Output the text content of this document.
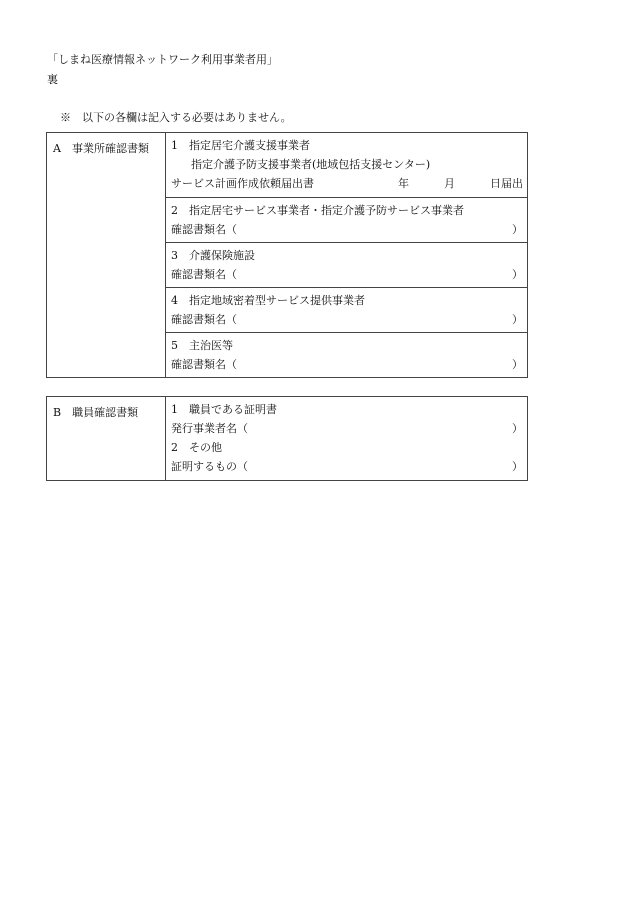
「しまね医療情報ネットワーク利用事業者用」
裏
※　以下の各欄は記入する必要はありません。
A　事業所確認書類	1　指定居宅介護支援事業者
指定介護予防支援事業者(地域包括支援センター)
サービス計画作成依頼届出書	年	月	日届出

2　指定居宅サービス事業者・指定介護予防サービス事業者
確認書類名（	）

3　介護保険施設
確認書類名（	）

4　指定地域密着型サービス提供事業者
確認書類名（	）

5　主治医等
確認書類名（	）
B　職員確認書類	1　職員である証明書
発行事業者名（	）
2　その他
証明するもの（	）
